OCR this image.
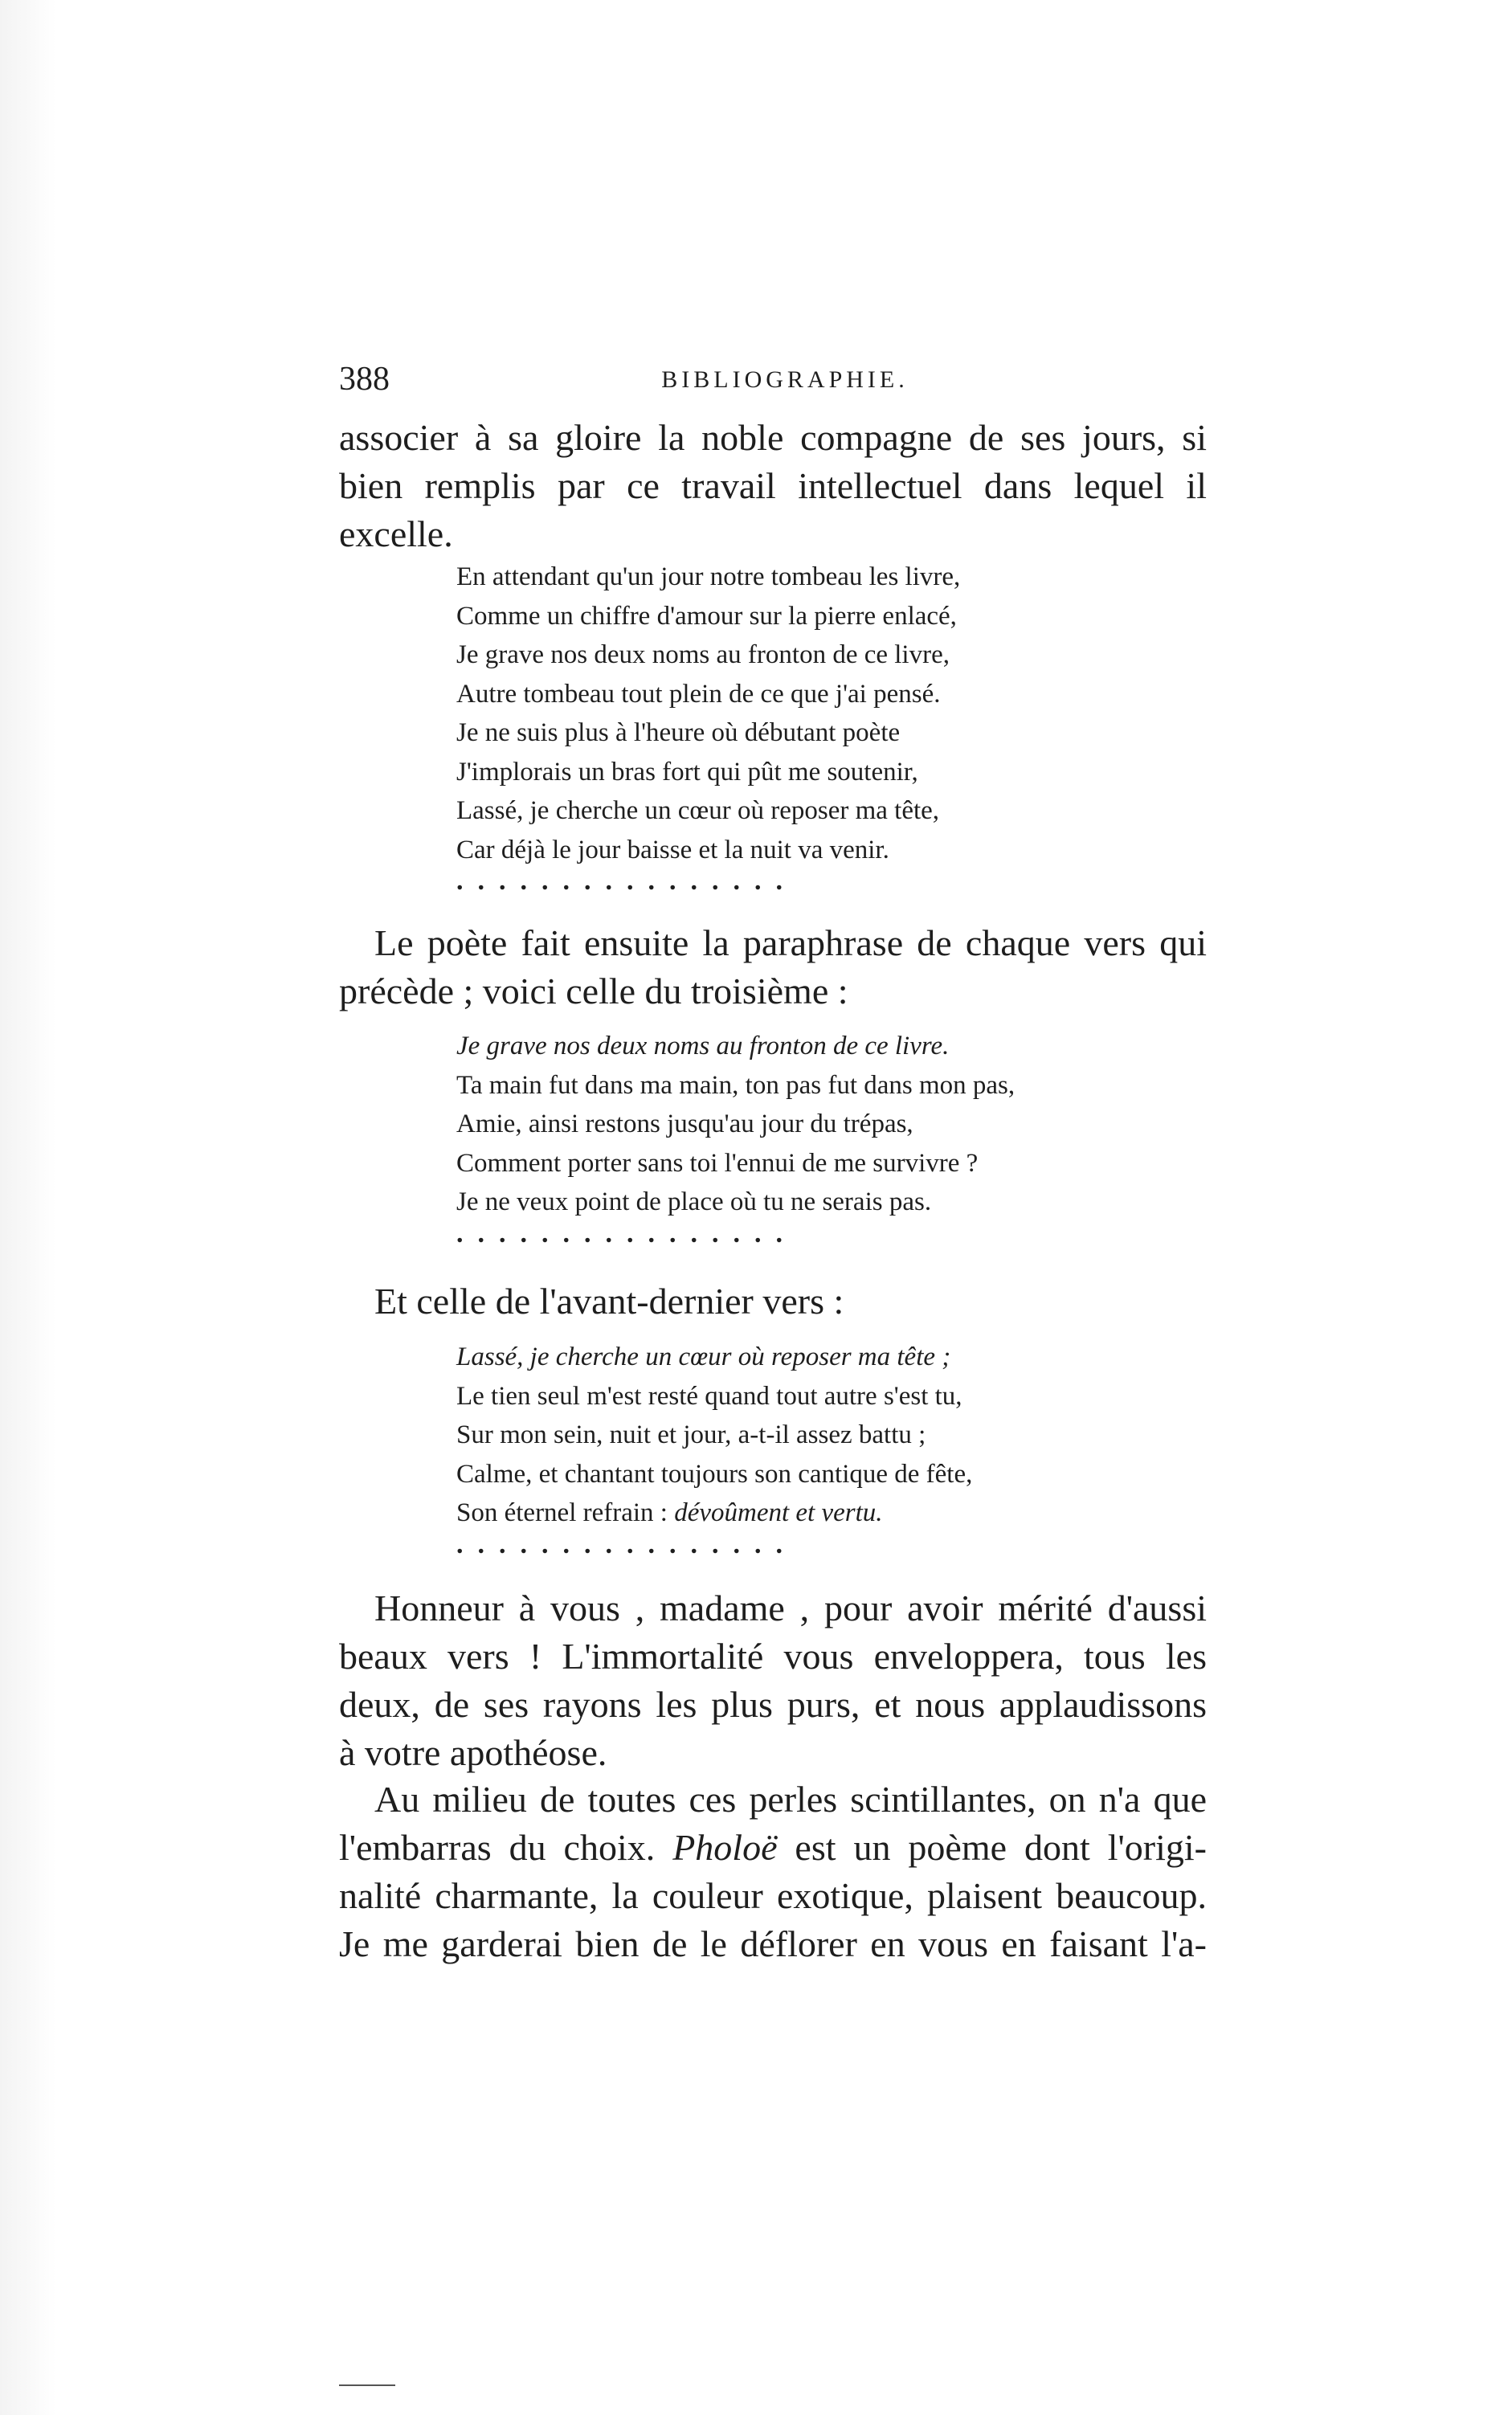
388	BIBLIOGRAPHIE.
associer à sa gloire la noble compagne de ses jours, si
bien remplis par ce travail intellectuel dans lequel il
excelle.
En attendant qu'un jour notre tombeau les livre,
Comme un chiffre d'amour sur la pierre enlacé,
Je grave nos deux noms au fronton de ce livre,
Autre tombeau tout plein de ce que j'ai pensé.
Je ne suis plus à l'heure où débutant poète
J'implorais un bras fort qui pût me soutenir,
Lassé, je cherche un cœur où reposer ma tête,
Car déjà le jour baisse et la nuit va venir.
................
Le poète fait ensuite la paraphrase de chaque vers qui
précède ; voici celle du troisième :
Je grave nos deux noms au fronton de ce livre.
Ta main fut dans ma main, ton pas fut dans mon pas,
Amie, ainsi restons jusqu'au jour du trépas,
Comment porter sans toi l'ennui de me survivre ?
Je ne veux point de place où tu ne serais pas.
................
Et celle de l'avant-dernier vers :
Lassé, je cherche un cœur où reposer ma tête ;
Le tien seul m'est resté quand tout autre s'est tu,
Sur mon sein, nuit et jour, a-t-il assez battu ;
Calme, et chantant toujours son cantique de fête,
Son éternel refrain : dévoûment et vertu.
................
Honneur à vous , madame , pour avoir mérité d'aussi
beaux vers ! L'immortalité vous enveloppera, tous les
deux, de ses rayons les plus purs, et nous applaudissons
à votre apothéose.
Au milieu de toutes ces perles scintillantes, on n'a que
l'embarras du choix. Pholoë est un poème dont l'origi-
nalité charmante, la couleur exotique, plaisent beaucoup.
Je me garderai bien de le déflorer en vous en faisant l'a-
